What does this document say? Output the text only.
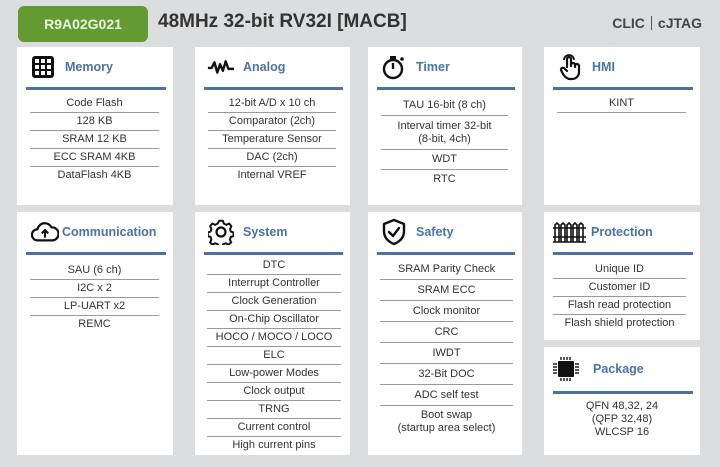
R9A02G021 48MHz 32-bit RV32I [MACB]	CLIC cJTAG
Memory
Code Flash
128 KB
SRAM 12 KB
ECC SRAM 4KB
DataFlash 4KB
Analog
12-bit A/D x 10 ch
Comparator (2ch)
Temperature Sensor
DAC (2ch)
Internal VREF
Timer
TAU 16-bit (8 ch)
Interval timer 32-bit
(8-bit, 4ch)
WDT
RTC
HMI
KINT
Communication
SAU (6 ch)
I2C x 2
LP-UART x2
REMC
System
DTC
Interrupt Controller
Clock Generation
On-Chip Oscillator
HOCO / MOCO / LOCO
ELC
Low-power Modes
Clock output
TRNG
Current control
High current pins
Safety
SRAM Parity Check
SRAM ECC
Clock monitor
CRC
IWDT
32-Bit DOC
ADC self test
Boot swap
(startup area select)
Protection
Unique ID
Customer ID
Flash read protection
Flash shield protection
Package
QFN 48,32, 24
(QFP 32,48)
WLCSP 16
